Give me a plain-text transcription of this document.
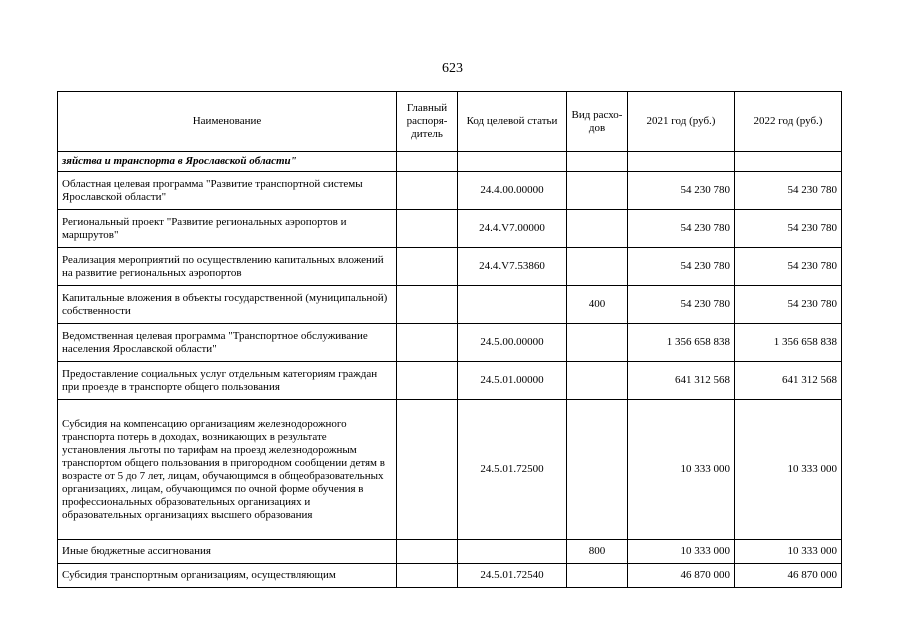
623
Наименование	Главный распоря-дитель	Код целевой статьи	Вид расхо-дов	2021 год (руб.)	2022 год (руб.)
зяйства и транспорта в Ярославской области"					
Областная целевая программа "Развитие транспортной системы Ярославской области"		24.4.00.00000		54 230 780	54 230 780
Региональный проект "Развитие региональных аэропортов и маршрутов"		24.4.V7.00000		54 230 780	54 230 780
Реализация мероприятий по осуществлению капитальных вложений на развитие региональных аэропортов		24.4.V7.53860		54 230 780	54 230 780
Капитальные вложения в объекты государственной (муниципальной) собственности			400	54 230 780	54 230 780
Ведомственная целевая программа "Транспортное обслуживание населения Ярославской области"		24.5.00.00000		1 356 658 838	1 356 658 838
Предоставление социальных услуг отдельным категориям граждан при проезде в транспорте общего пользования		24.5.01.00000		641 312 568	641 312 568
Субсидия на компенсацию организациям железнодорожного транспорта потерь в доходах, возникающих в результате установления льготы по тарифам на проезд железнодорожным транспортом общего пользования в пригородном сообщении детям в возрасте от 5 до 7 лет, лицам, обучающимся в общеобразовательных организациях, лицам, обучающимся по очной форме обучения в профессиональных образовательных организациях и образовательных организациях высшего образования		24.5.01.72500		10 333 000	10 333 000
Иные бюджетные ассигнования			800	10 333 000	10 333 000
Субсидия транспортным организациям, осуществляющим		24.5.01.72540		46 870 000	46 870 000
